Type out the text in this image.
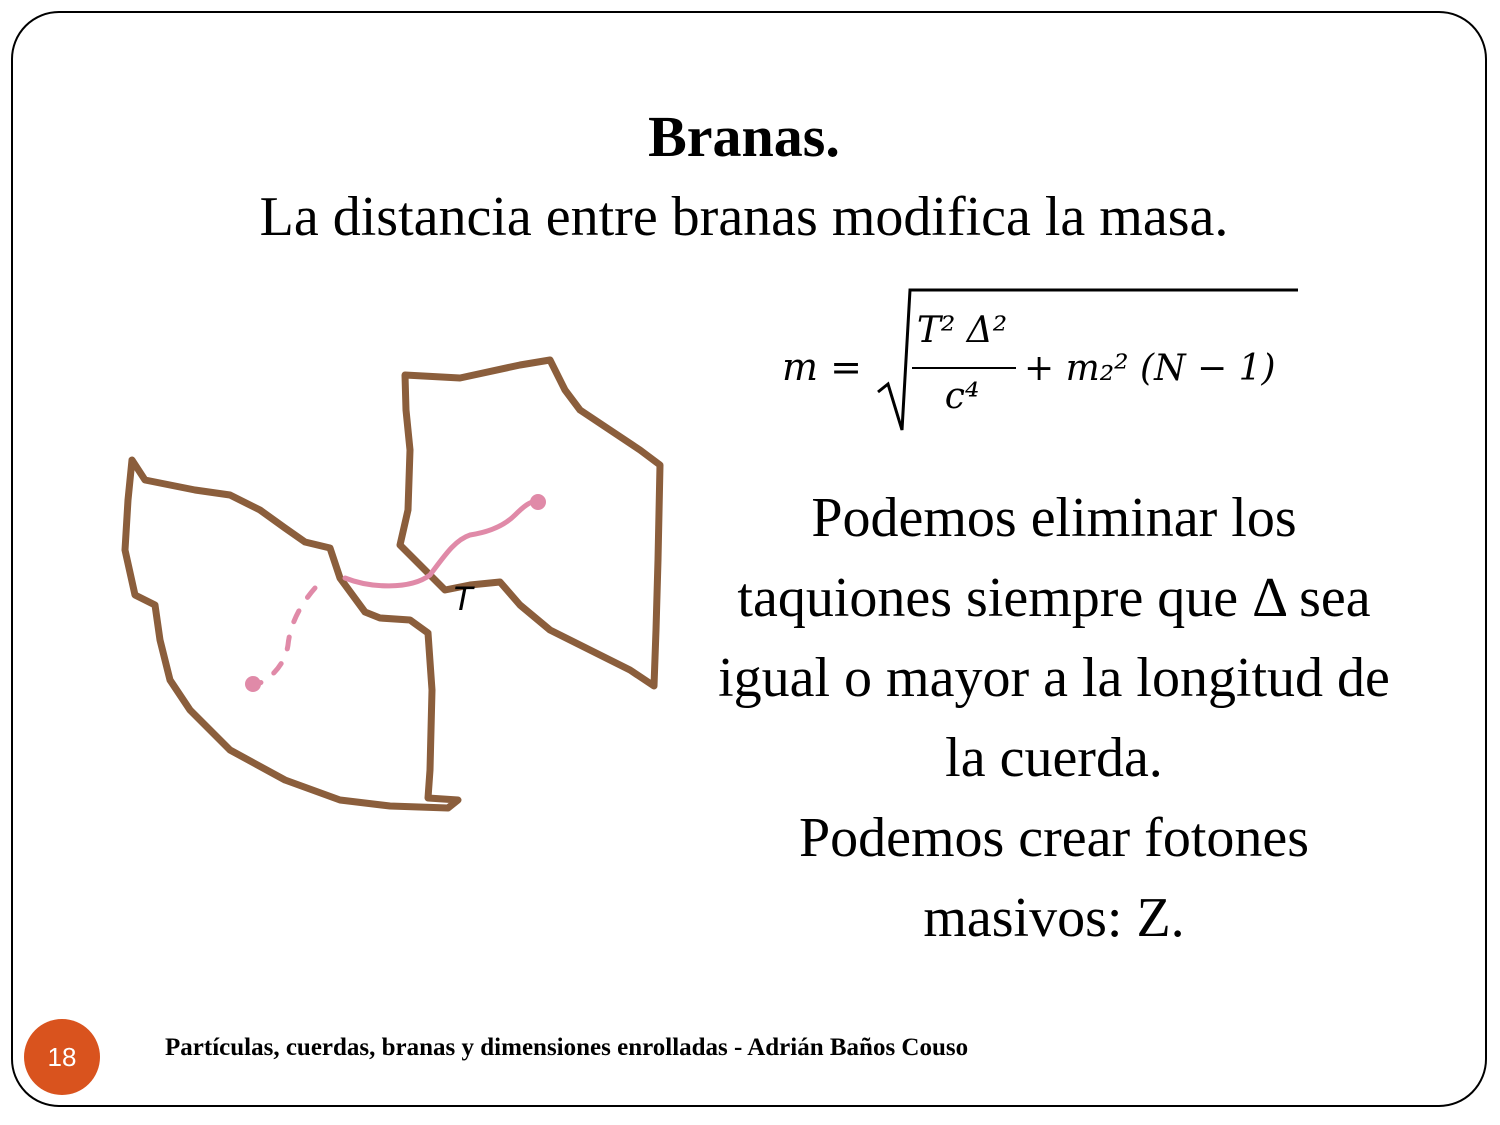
Branas.
La distancia entre branas modifica la masa.
m =
T² Δ²
c⁴
+ m₂² (N − 1)
T

Podemos eliminar los

taquiones siempre que Δ sea

igual o mayor a la longitud de

la cuerda.

Podemos crear fotones

masivos: Z.

18	Partículas, cuerdas, branas y dimensiones enrolladas - Adrián Baños Couso
